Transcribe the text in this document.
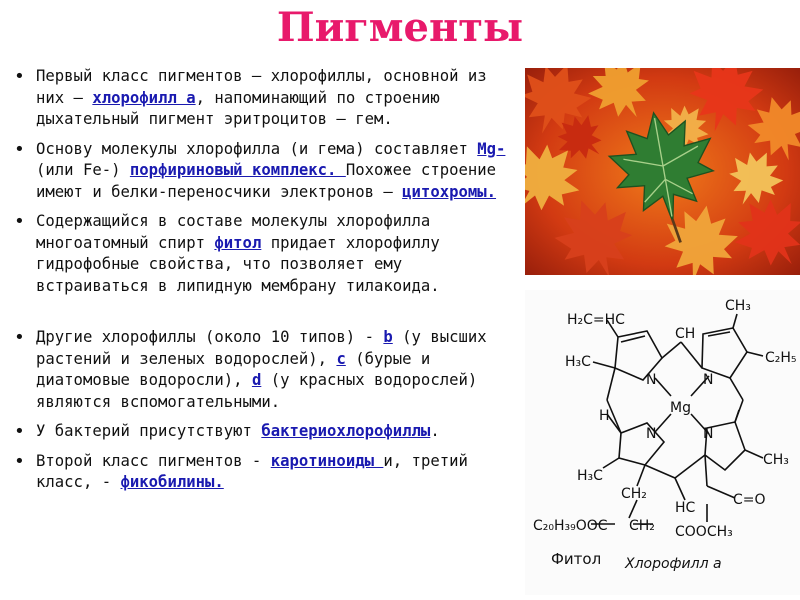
Пигменты
• Первый класс пигментов – хлорофиллы, основной из них – хлорофилл а, напоминающий по строению дыхательный пигмент эритроцитов – гем.
• Основу молекулы хлорофилла (и гема) составляет Mg- (или Fe-) порфириновый комплекс. Похожее строение имеют и белки-переносчики электронов – цитохромы.
• Содержащийся в составе молекулы хлорофилла многоатомный спирт фитол придает хлорофиллу гидрофобные свойства, что позволяет ему встраиваться в липидную мембрану тилакоида.
• Другие хлорофиллы (около 10 типов) - b (у высших растений и зеленых водорослей), c (бурые и диатомовые водоросли), d (у красных водорослей) являются вспомогательными.
• У бактерий присутствуют бактериохлорофиллы.
• Второй класс пигментов - каротиноиды и, третий класс, - фикобилины.
H₂C=HC
CH₃
H₃C	C₂H₅
CH
N	N
N	N
Mg
H
H₃C
CH₃
CH₂
CH₂
HC	C=O
C₂₀H₃₉OOC	COOCH₃
Хлорофилл a
Фитол
